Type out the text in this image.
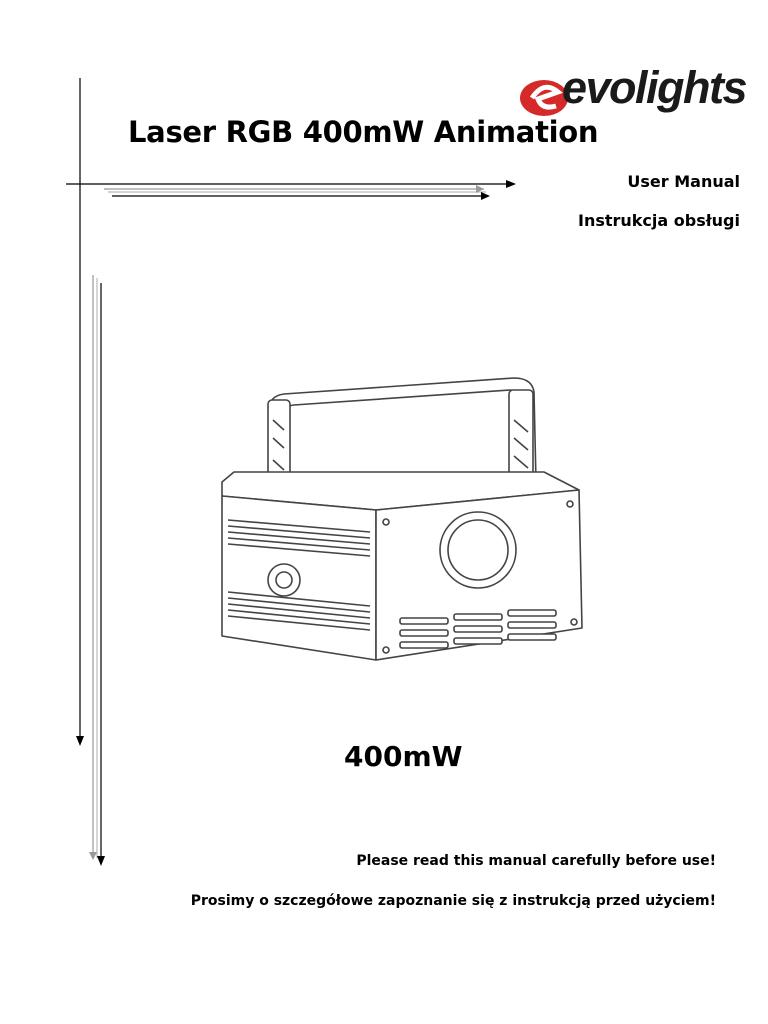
evolights
Laser RGB 400mW Animation
User Manual
Instrukcja obsługi
400mW
Please read this manual carefully before use!
Prosimy o szczegółowe zapoznanie się z instrukcją przed użyciem!
